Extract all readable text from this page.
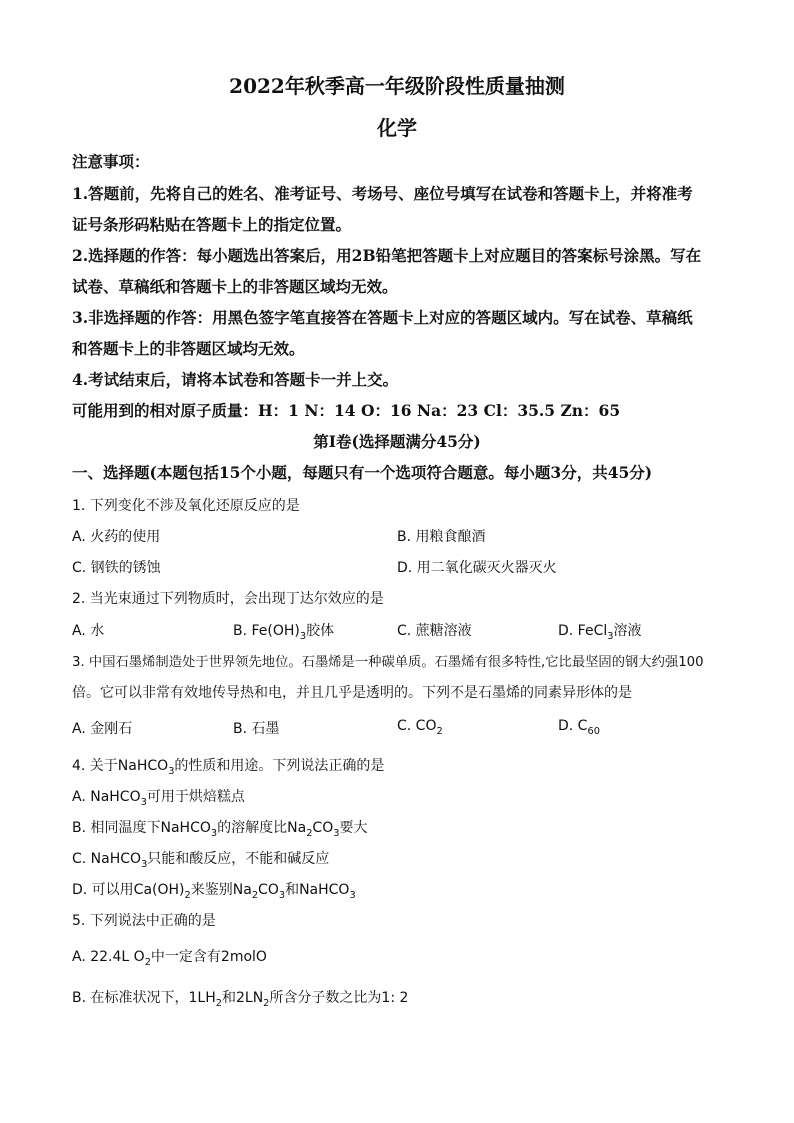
2022年秋季高一年级阶段性质量抽测
化学
注意事项：
1.答题前，先将自己的姓名、准考证号、考场号、座位号填写在试卷和答题卡上，并将准考
证号条形码粘贴在答题卡上的指定位置。
2.选择题的作答：每小题选出答案后，用2B铅笔把答题卡上对应题目的答案标号涂黑。写在
试卷、草稿纸和答题卡上的非答题区域均无效。
3.非选择题的作答：用黑色签字笔直接答在答题卡上对应的答题区域内。写在试卷、草稿纸
和答题卡上的非答题区域均无效。
4.考试结束后，请将本试卷和答题卡一并上交。
可能用到的相对原子质量：H：1 N：14 O：16 Na：23 Cl：35.5 Zn：65
第Ⅰ卷(选择题满分45分)
一、选择题(本题包括15个小题，每题只有一个选项符合题意。每小题3分，共45分)
1. 下列变化不涉及氧化还原反应的是
A. 火药的使用	B. 用粮食酿酒
C. 钢铁的锈蚀	D. 用二氧化碳灭火器灭火
2. 当光束通过下列物质时，会出现丁达尔效应的是
A. 水	B. $Fe(OH)_3$胶体	C. 蔗糖溶液	D. FeCl$_3$溶液
3. 中国石墨烯制造处于世界领先地位。石墨烯是一种碳单质。石墨烯有很多特性,它比最坚固的钢大约强100
倍。它可以非常有效地传导热和电，并且几乎是透明的。下列不是石墨烯的同素异形体的是
A. 金刚石	B. 石墨	C. $CO_2$	D. $C_{60}$
4. 关于NaHCO$_3$的性质和用途。下列说法正确的是
A. NaHCO$_3$可用于烘焙糕点
B. 相同温度下NaHCO$_3$的溶解度比$Na_2CO_3$要大
C. NaHCO$_3$只能和酸反应，不能和碱反应
D. 可以用$Ca(OH)_2$来鉴别$Na_2CO_3$和NaHCO$_3$
5. 下列说法中正确的是
A. 22.4L $O_2$中一定含有2molO
B. 在标准状况下，$1LH_2$和$2LN_2$所含分子数之比为1: 2
